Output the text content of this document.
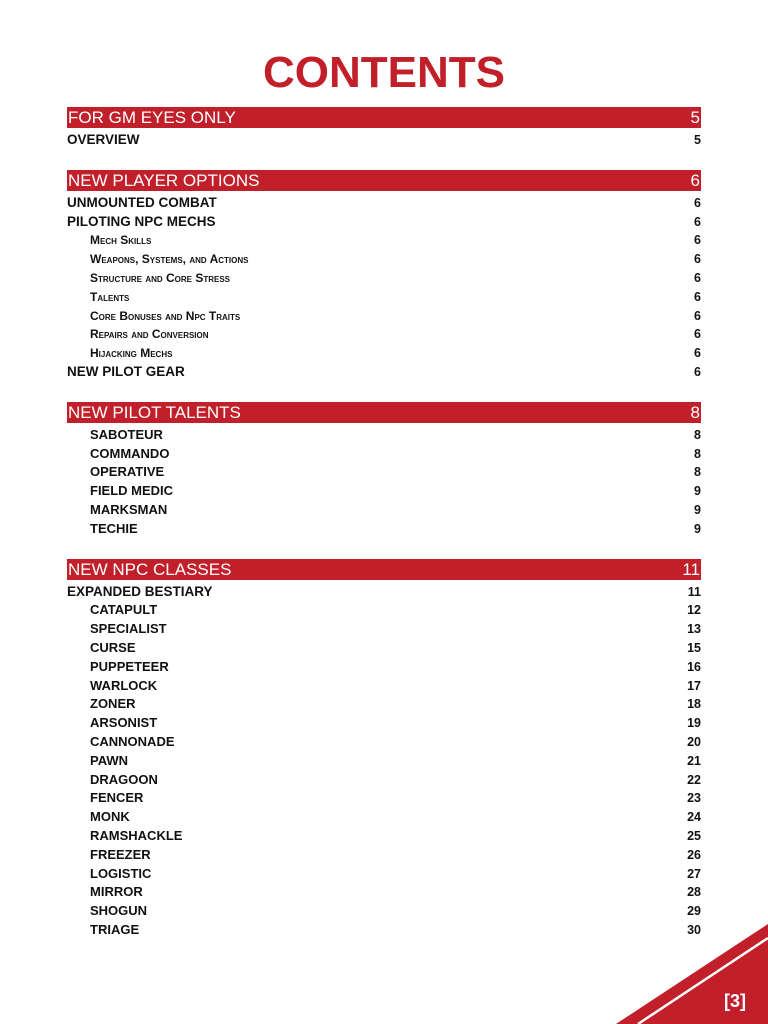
CONTENTS
FOR GM EYES ONLY	5
OVERVIEW	5
NEW PLAYER OPTIONS	6
UNMOUNTED COMBAT	6
PILOTING NPC MECHS	6
Mech Skills	6
Weapons, Systems, and Actions	6
Structure and Core Stress	6
Talents	6
Core Bonuses and Npc Traits	6
Repairs and Conversion	6
Hijacking Mechs	6
NEW PILOT GEAR	6
NEW PILOT TALENTS	8
SABOTEUR	8
COMMANDO	8
OPERATIVE	8
FIELD MEDIC	9
MARKSMAN	9
TECHIE	9
NEW NPC CLASSES	11
EXPANDED BESTIARY	11
CATAPULT	12
SPECIALIST	13
CURSE	15
PUPPETEER	16
WARLOCK	17
ZONER	18
ARSONIST	19
CANNONADE	20
PAWN	21
DRAGOON	22
FENCER	23
MONK	24
RAMSHACKLE	25
FREEZER	26
LOGISTIC	27
MIRROR	28
SHOGUN	29
TRIAGE	30
[3]
